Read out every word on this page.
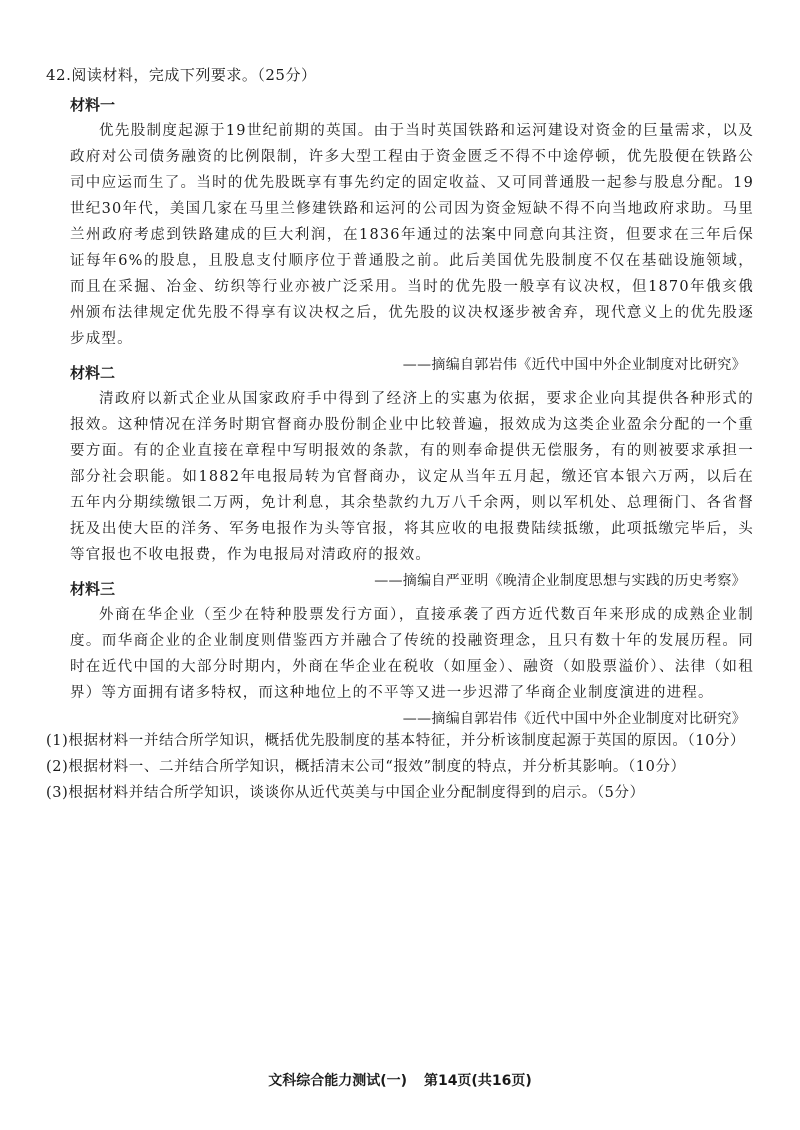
42.阅读材料，完成下列要求。（25分）
材料一

优先股制度起源于19世纪前期的英国。由于当时英国铁路和运河建设对资金的巨量需求，以及政府对公司债务融资的比例限制，许多大型工程由于资金匮乏不得不中途停顿，优先股便在铁路公司中应运而生了。当时的优先股既享有事先约定的固定收益、又可同普通股一起参与股息分配。19世纪30年代，美国几家在马里兰修建铁路和运河的公司因为资金短缺不得不向当地政府求助。马里兰州政府考虑到铁路建成的巨大利润，在1836年通过的法案中同意向其注资，但要求在三年后保证每年6%的股息，且股息支付顺序位于普通股之前。此后美国优先股制度不仅在基础设施领域，而且在采掘、冶金、纺织等行业亦被广泛采用。当时的优先股一般享有议决权，但1870年俄亥俄州颁布法律规定优先股不得享有议决权之后，优先股的议决权逐步被舍弃，现代意义上的优先股逐步成型。

——摘编自郭岩伟《近代中国中外企业制度对比研究》
材料二

清政府以新式企业从国家政府手中得到了经济上的实惠为依据，要求企业向其提供各种形式的报效。这种情况在洋务时期官督商办股份制企业中比较普遍，报效成为这类企业盈余分配的一个重要方面。有的企业直接在章程中写明报效的条款，有的则奉命提供无偿服务，有的则被要求承担一部分社会职能。如1882年电报局转为官督商办，议定从当年五月起，缴还官本银六万两，以后在五年内分期续缴银二万两，免计利息，其余垫款约九万八千余两，则以军机处、总理衙门、各省督抚及出使大臣的洋务、军务电报作为头等官报，将其应收的电报费陆续抵缴，此项抵缴完毕后，头等官报也不收电报费，作为电报局对清政府的报效。

——摘编自严亚明《晚清企业制度思想与实践的历史考察》
材料三

外商在华企业（至少在特种股票发行方面），直接承袭了西方近代数百年来形成的成熟企业制度。而华商企业的企业制度则借鉴西方并融合了传统的投融资理念，且只有数十年的发展历程。同时在近代中国的大部分时期内，外商在华企业在税收（如厘金）、融资（如股票溢价）、法律（如租界）等方面拥有诸多特权，而这种地位上的不平等又进一步迟滞了华商企业制度演进的进程。

——摘编自郭岩伟《近代中国中外企业制度对比研究》

(1)根据材料一并结合所学知识，概括优先股制度的基本特征，并分析该制度起源于英国的原因。（10分）

(2)根据材料一、二并结合所学知识，概括清末公司“报效”制度的特点，并分析其影响。（10分）

(3)根据材料并结合所学知识，谈谈你从近代英美与中国企业分配制度得到的启示。（5分）

文科综合能力测试(一) 第14页(共16页)
